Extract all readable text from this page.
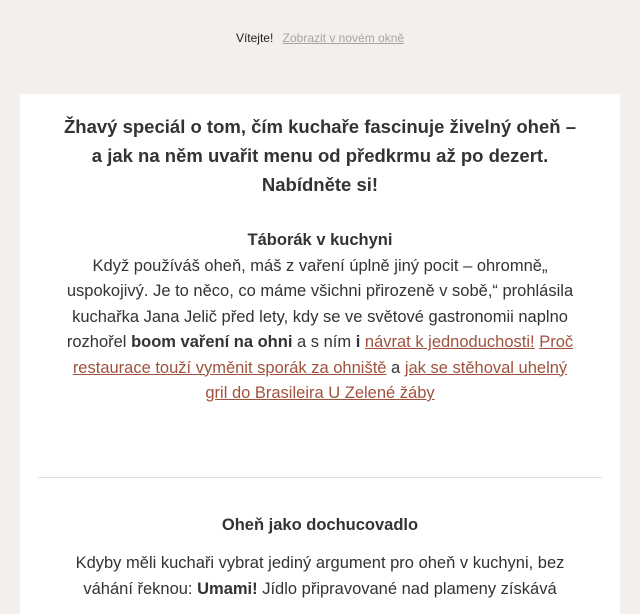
Vítejte! Zobrazit v novém okně
Žhavý speciál o tom, čím kuchaře fascinuje živelný oheň – a jak na něm uvařit menu od předkrmu až po dezert. Nabídněte si!
Táborák v kuchyni
Když používáš oheň, máš z vaření úplně jiný pocit – ohromně„ uspokojivý. Je to něco, co máme všichni přirozeně v sobě,“ prohlásila kuchařka Jana Jelič před lety, kdy se ve světové gastronomii naplno rozhořel boom vaření na ohni a s ním i návrat k jednoduchosti! Proč restaurace touží vyměnit sporák za ohniště a jak se stěhoval uhelný gril do Brasileira U Zelené žáby
Oheň jako dochucovadlo
Kdyby měli kuchaři vybrat jediný argument pro oheň v kuchyni, bez váhání řeknou: Umami! Jídlo připravované nad plameny získává
